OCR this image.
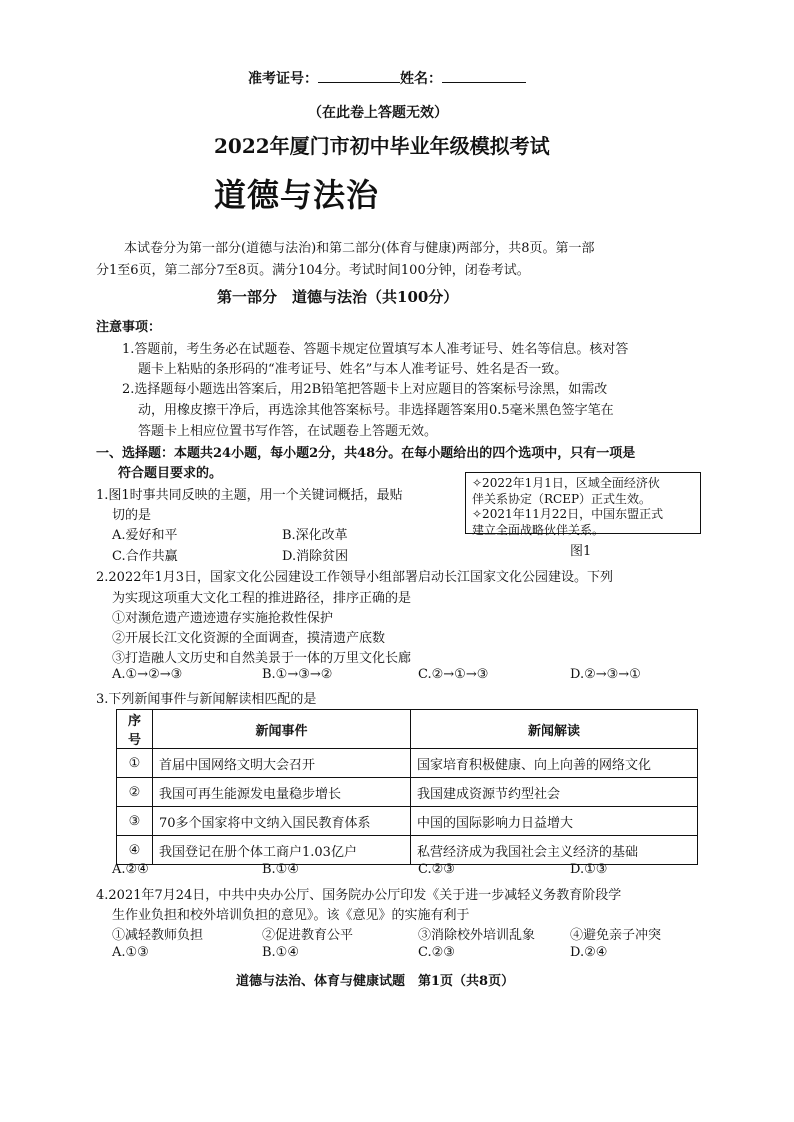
准考证号：	姓名：
（在此卷上答题无效）
2022年厦门市初中毕业年级模拟考试
道德与法治
本试卷分为第一部分(道德与法治)和第二部分(体育与健康)两部分，共8页。第一部
分1至6页，第二部分7至8页。满分104分。考试时间100分钟，闭卷考试。
第一部分　道德与法治（共100分）
注意事项：
1.答题前，考生务必在试题卷、答题卡规定位置填写本人准考证号、姓名等信息。核对答
题卡上粘贴的条形码的“准考证号、姓名”与本人准考证号、姓名是否一致。
2.选择题每小题选出答案后，用2B铅笔把答题卡上对应题目的答案标号涂黑，如需改
动，用橡皮擦干净后，再选涂其他答案标号。非选择题答案用0.5毫米黑色签字笔在
答题卡上相应位置书写作答，在试题卷上答题无效。
一、选择题：本题共24小题，每小题2分，共48分。在每小题给出的四个选项中，只有一项是
符合题目要求的。

✧2022年1月1日，区域全面经济伙

伴关系协定（RCEP）正式生效。

✧2021年11月22日，中国东盟正式

建立全面战略伙伴关系。

图1
1.图1时事共同反映的主题，用一个关键词概括，最贴
切的是
A.爱好和平	B.深化改革
C.合作共赢	D.消除贫困
2.2022年1月3日，国家文化公园建设工作领导小组部署启动长江国家文化公园建设。下列
为实现这项重大文化工程的推进路径，排序正确的是
①对濒危遗产遗迹遗存实施抢救性保护
②开展长江文化资源的全面调查，摸清遗产底数
③打造融人文历史和自然美景于一体的万里文化长廊
A.①→②→③	B.①→③→②	C.②→①→③	D.②→③→①
3.下列新闻事件与新闻解读相匹配的是
序号	新闻事件	新闻解读
①	首届中国网络文明大会召开	国家培育积极健康、向上向善的网络文化
②	我国可再生能源发电量稳步增长	我国建成资源节约型社会
③	70多个国家将中文纳入国民教育体系	中国的国际影响力日益增大
④	我国登记在册个体工商户1.03亿户	私营经济成为我国社会主义经济的基础
A.②④	B.①④	C.②③	D.①③
4.2021年7月24日，中共中央办公厅、国务院办公厅印发《关于进一步减轻义务教育阶段学
生作业负担和校外培训负担的意见》。该《意见》的实施有利于
①减轻教师负担	②促进教育公平	③消除校外培训乱象	④避免亲子冲突
A.①③	B.①④	C.②③	D.②④
道德与法治、体育与健康试题　第1页（共8页）
